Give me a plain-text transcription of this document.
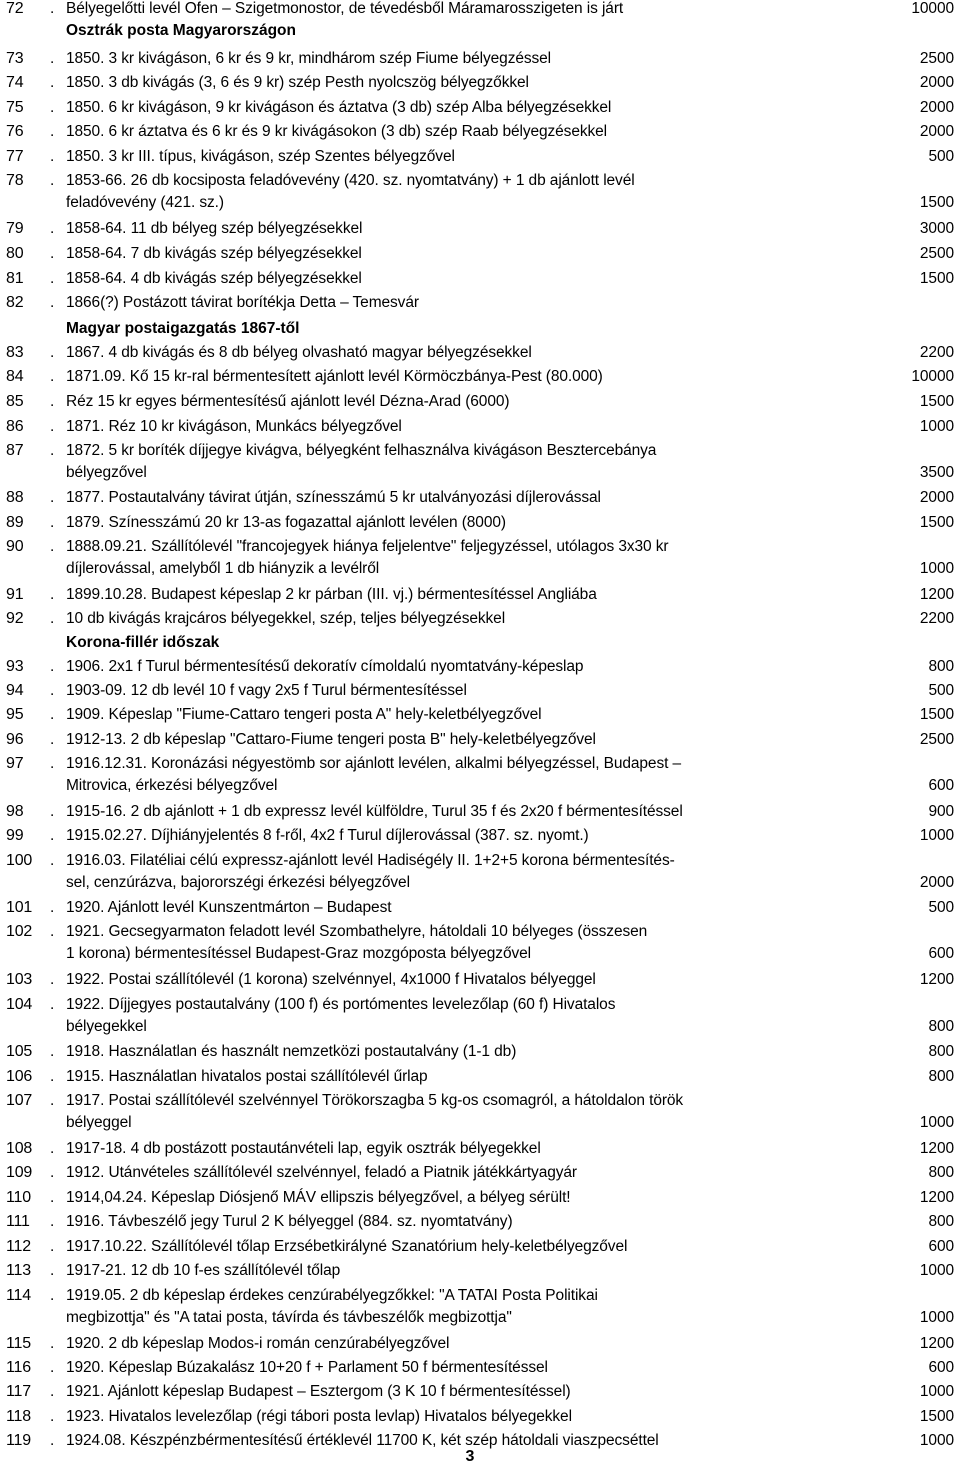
72	. Bélyegelőtti levél Ofen – Szigetmonostor, de tévedésből Máramarosszigeten is járt	10000
73	. 1850. 3 kr kivágáson, 6 kr és 9 kr, mindhárom szép Fiume bélyegzéssel	2500
74	. 1850. 3 db kivágás (3, 6 és 9 kr) szép Pesth nyolcszög bélyegzőkkel	2000
75	. 1850. 6 kr kivágáson, 9 kr kivágáson és áztatva (3 db) szép Alba bélyegzésekkel	2000
76	. 1850. 6 kr áztatva és 6 kr és 9 kr kivágásokon (3 db) szép Raab bélyegzésekkel	2000
77	. 1850. 3 kr III. típus, kivágáson, szép Szentes bélyegzővel	500
78	. 1853-66. 26 db kocsiposta feladóvevény (420. sz. nyomtatvány) + 1 db ajánlott levél
feladóvevény (421. sz.)	1500
79	. 1858-64. 11 db bélyeg szép bélyegzésekkel	3000
80	. 1858-64. 7 db kivágás szép bélyegzésekkel	2500
81	. 1858-64. 4 db kivágás szép bélyegzésekkel	1500
82	. 1866(?) Postázott távirat borítékja Detta – Temesvár
83	. 1867. 4 db kivágás és 8 db bélyeg olvasható magyar bélyegzésekkel	2200
84	. 1871.09. Kő 15 kr-ral bérmentesített ajánlott levél Körmöczbánya-Pest (80.000)	10000
85	. Réz 15 kr egyes bérmentesítésű ajánlott levél Dézna-Arad (6000)	1500
86	. 1871. Réz 10 kr kivágáson, Munkács bélyegzővel	1000
87	. 1872. 5 kr boríték díjjegye kivágva, bélyegként felhasználva kivágáson Besztercebánya
bélyegzővel	3500
88	. 1877. Postautalvány távirat útján, színesszámú 5 kr utalványozási díjlerovással	2000
89	. 1879. Színesszámú 20 kr 13-as fogazattal ajánlott levélen (8000)	1500
90	. 1888.09.21. Szállítólevél "francojegyek hiánya feljelentve" feljegyzéssel, utólagos 3x30 kr
díjlerovással, amelyből 1 db hiányzik a levélről	1000
91	. 1899.10.28. Budapest képeslap 2 kr párban (III. vj.) bérmentesítéssel Angliába	1200
92	. 10 db kivágás krajcáros bélyegekkel, szép, teljes bélyegzésekkel	2200
93	. 1906. 2x1 f Turul bérmentesítésű dekoratív címoldalú nyomtatvány-képeslap	800
94	. 1903-09. 12 db levél 10 f vagy 2x5 f Turul bérmentesítéssel	500
95	. 1909. Képeslap "Fiume-Cattaro tengeri posta A" hely-keletbélyegzővel	1500
96	. 1912-13. 2 db képeslap "Cattaro-Fiume tengeri posta B" hely-keletbélyegzővel	2500
97	. 1916.12.31. Koronázási négyestömb sor ajánlott levélen, alkalmi bélyegzéssel, Budapest –
Mitrovica, érkezési bélyegzővel	600
98	. 1915-16. 2 db ajánlott + 1 db expressz levél külföldre, Turul 35 f és 2x20 f bérmentesítéssel	900
99	. 1915.02.27. Díjhiányjelentés 8 f-ről, 4x2 f Turul díjlerovással (387. sz. nyomt.)	1000
100	. 1916.03. Filatéliai célú expressz-ajánlott levél Hadiségély II. 1+2+5 korona bérmentesítés-
sel, cenzúrázva, bajororszégi érkezési bélyegzővel	2000
101	. 1920. Ajánlott levél Kunszentmárton – Budapest	500
102	. 1921. Gecsegyarmaton feladott levél Szombathelyre, hátoldali 10 bélyeges (összesen
1 korona) bérmentesítéssel Budapest-Graz mozgóposta bélyegzővel	600
103	. 1922. Postai szállítólevél (1 korona) szelvénnyel, 4x1000 f Hivatalos bélyeggel	1200
104	. 1922. Díjjegyes postautalvány (100 f) és portómentes levelezőlap (60 f) Hivatalos
bélyegekkel	800
105	. 1918. Használatlan és használt nemzetközi postautalvány (1-1 db)	800
106	. 1915. Használatlan hivatalos postai szállítólevél űrlap	800
107	. 1917. Postai szállítólevél szelvénnyel Törökorszagba 5 kg-os csomagról, a hátoldalon török
bélyeggel	1000
108	. 1917-18. 4 db postázott postautánvételi lap, egyik osztrák bélyegekkel	1200
109	. 1912. Utánvételes szállítólevél szelvénnyel, feladó a Piatnik játékkártyagyár	800
110	. 1914,04.24. Képeslap Diósjenő MÁV ellipszis bélyegzővel, a bélyeg sérült!	1200
111	. 1916. Távbeszélő jegy Turul 2 K bélyeggel (884. sz. nyomtatvány)	800
112	. 1917.10.22. Szállítólevél tőlap Erzsébetkirályné Szanatórium hely-keletbélyegzővel	600
113	. 1917-21. 12 db 10 f-es szállítólevél tőlap	1000
114	. 1919.05. 2 db képeslap érdekes cenzúrabélyegzőkkel: "A TATAI Posta Politikai
megbizottja" és "A tatai posta, távírda és távbeszélők megbizottja"	1000
115	. 1920. 2 db képeslap Modos-i román cenzúrabélyegzővel	1200
116	. 1920. Képeslap Búzakalász 10+20 f + Parlament 50 f bérmentesítéssel	600
117	. 1921. Ajánlott képeslap Budapest – Esztergom (3 K 10 f bérmentesítéssel)	1000
118	. 1923. Hivatalos levelezőlap (régi tábori posta levlap) Hivatalos bélyegekkel	1500
119	. 1924.08. Készpénzbérmentesítésű értéklevél 11700 K, két szép hátoldali viaszpecséttel	1000
Osztrák posta Magyarországon
Magyar postaigazgatás 1867-től
Korona-fillér időszak
3
